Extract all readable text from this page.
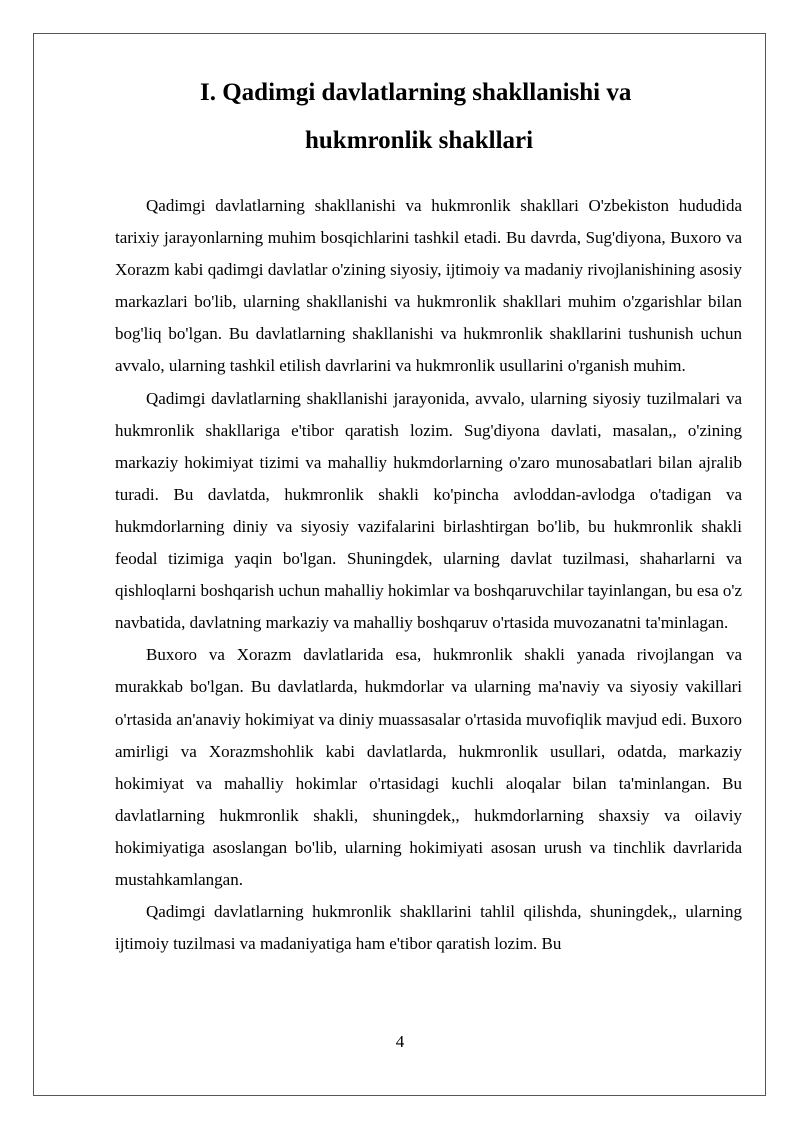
I. Qadimgi davlatlarning shakllanishi va
hukmronlik shakllari

Qadimgi davlatlarning shakllanishi va hukmronlik shakllari O'zbekiston hududida tarixiy jarayonlarning muhim bosqichlarini tashkil etadi. Bu davrda, Sug'diyona, Buxoro va Xorazm kabi qadimgi davlatlar o'zining siyosiy, ijtimoiy va madaniy rivojlanishining asosiy markazlari bo'lib, ularning shakllanishi va hukmronlik shakllari muhim o'zgarishlar bilan bog'liq bo'lgan. Bu davlatlarning shakllanishi va hukmronlik shakllarini tushunish uchun avvalo, ularning tashkil etilish davrlarini va hukmronlik usullarini o'rganish muhim.

Qadimgi davlatlarning shakllanishi jarayonida, avvalo, ularning siyosiy tuzilmalari va hukmronlik shakllariga e'tibor qaratish lozim. Sug'diyona davlati, masalan,, o'zining markaziy hokimiyat tizimi va mahalliy hukmdorlarning o'zaro munosabatlari bilan ajralib turadi. Bu davlatda, hukmronlik shakli ko'pincha avloddan-avlodga o'tadigan va hukmdorlarning diniy va siyosiy vazifalarini birlashtirgan bo'lib, bu hukmronlik shakli feodal tizimiga yaqin bo'lgan. Shuningdek, ularning davlat tuzilmasi, shaharlarni va qishloqlarni boshqarish uchun mahalliy hokimlar va boshqaruvchilar tayinlangan, bu esa o'z navbatida, davlatning markaziy va mahalliy boshqaruv o'rtasida muvozanatni ta'minlagan.

Buxoro va Xorazm davlatlarida esa, hukmronlik shakli yanada rivojlangan va murakkab bo'lgan. Bu davlatlarda, hukmdorlar va ularning ma'naviy va siyosiy vakillari o'rtasida an'anaviy hokimiyat va diniy muassasalar o'rtasida muvofiqlik mavjud edi. Buxoro amirligi va Xorazmshohlik kabi davlatlarda, hukmronlik usullari, odatda, markaziy hokimiyat va mahalliy hokimlar o'rtasidagi kuchli aloqalar bilan ta'minlangan. Bu davlatlarning hukmronlik shakli, shuningdek,, hukmdorlarning shaxsiy va oilaviy hokimiyatiga asoslangan bo'lib, ularning hokimiyati asosan urush va tinchlik davrlarida mustahkamlangan.

Qadimgi davlatlarning hukmronlik shakllarini tahlil qilishda, shuningdek,, ularning ijtimoiy tuzilmasi va madaniyatiga ham e'tibor qaratish lozim. Bu

4
